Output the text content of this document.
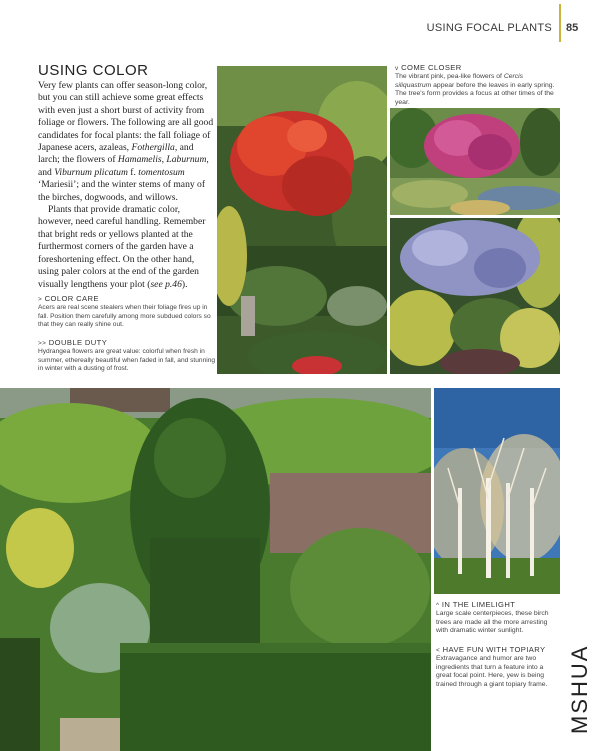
USING FOCAL PLANTS 85
USING COLOR

Very few plants can offer season-long color, but you can still achieve some great effects with even just a short burst of activity from foliage or flowers. The following are all good candidates for focal plants: the fall foliage of Japanese acers, azaleas, Fothergilla, and larch; the flowers of Hamamelis, Laburnum, and Viburnum plicatum f. tomentosum ‘Mariesii’; and the winter stems of many of the birches, dogwoods, and willows.

Plants that provide dramatic color, however, need careful handling. Remember that bright reds or yellows planted at the furthermost corners of the garden have a foreshortening effect. On the other hand, using paler colors at the end of the garden visually lengthens your plot (see p.46).

> COLOR CARE
Acers are real scene stealers when their foliage fires up in fall. Position them carefully among more subdued colors so that they can really shine out.
>> DOUBLE DUTY
Hydrangea flowers are great value: colorful when fresh in summer, ethereally beautiful when faded in fall, and stunning in winter with a dusting of frost.
v COME CLOSER
The vibrant pink, pea-like flowers of Cercis siliquastrum appear before the leaves in early spring. The tree's form provides a focus at other times of the year.
^ IN THE LIMELIGHT
Large scale centerpieces, these birch trees are made all the more arresting with dramatic winter sunlight.
< HAVE FUN WITH TOPIARY
Extravagance and humor are two ingredients that turn a feature into a great focal point. Here, yew is being trained through a giant topiary frame. MSHUA
